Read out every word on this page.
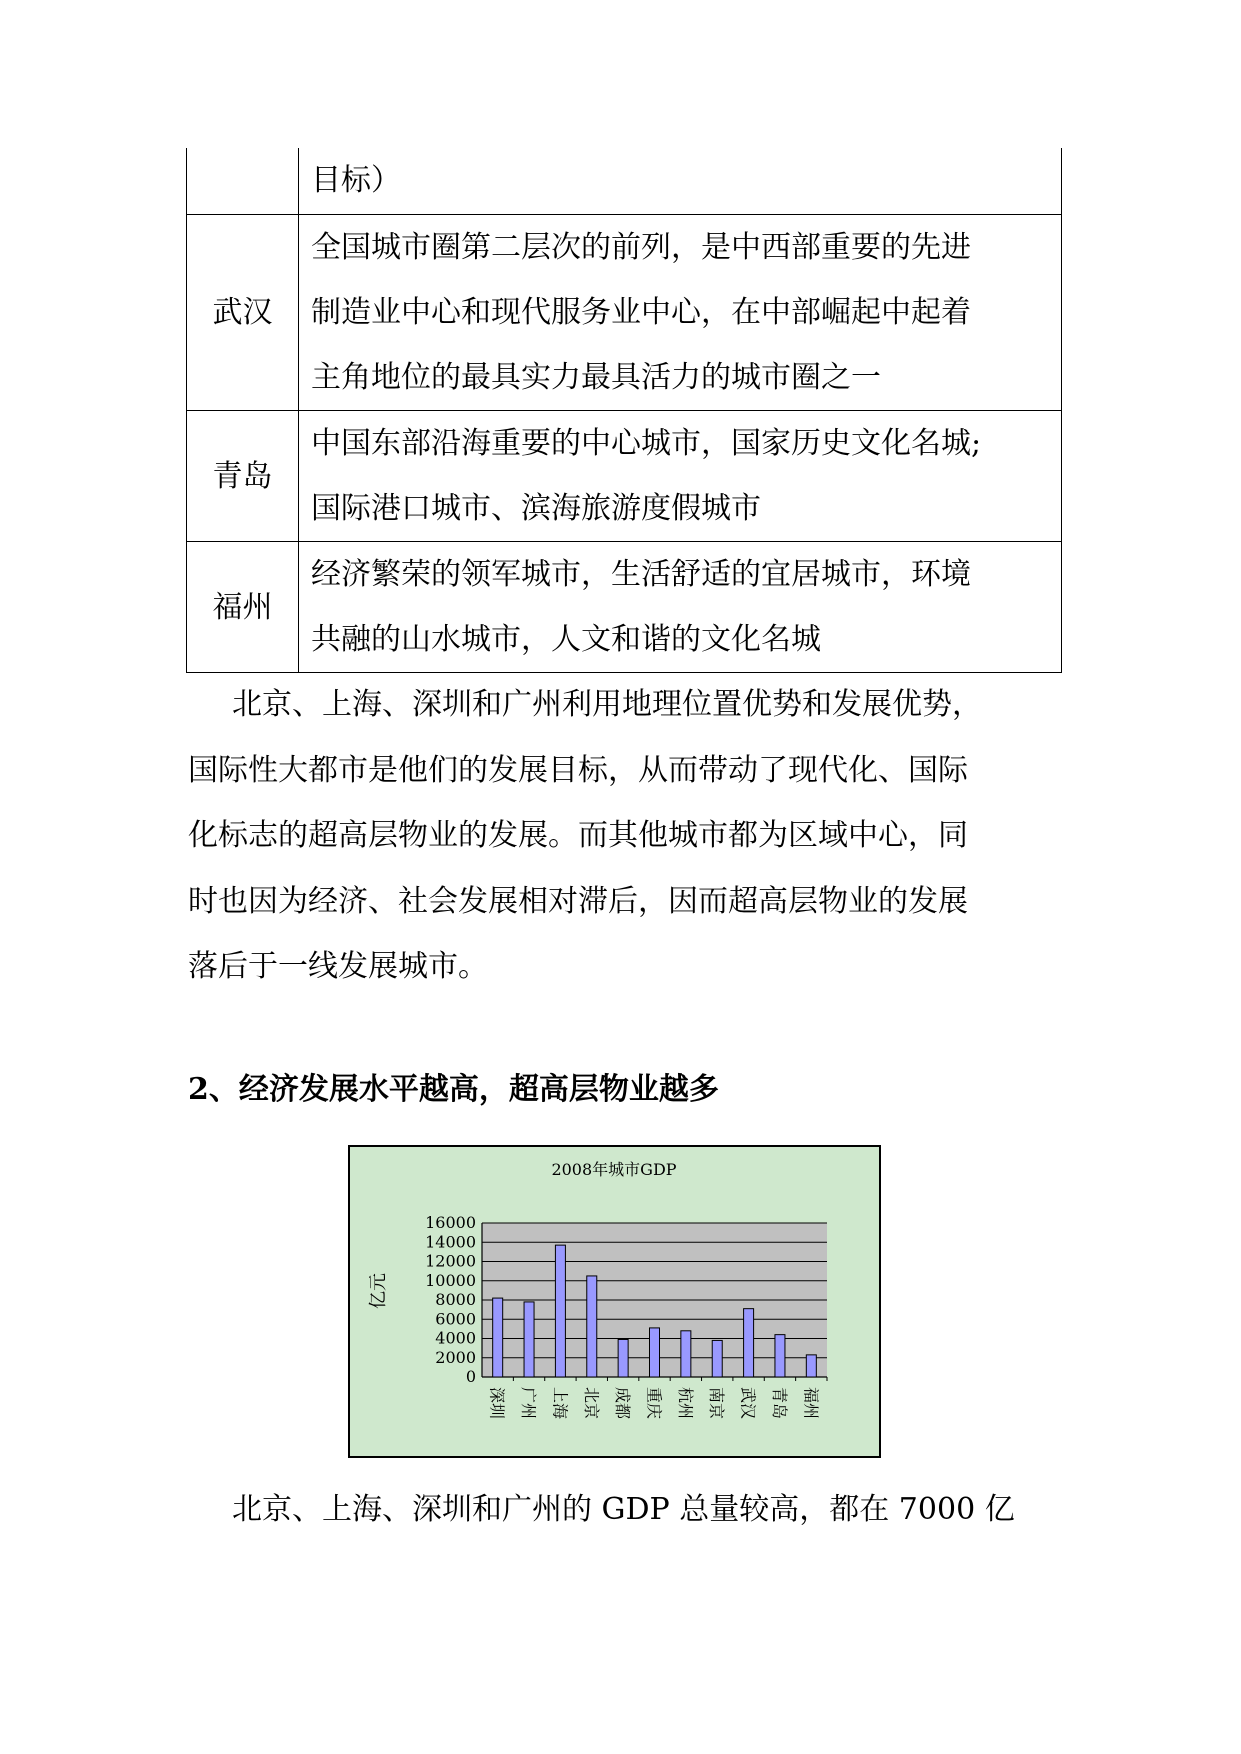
	目标）
武汉	全国城市圈第二层次的前列，是中西部重要的先进
制造业中心和现代服务业中心，在中部崛起中起着
主角地位的最具实力最具活力的城市圈之一
青岛	中国东部沿海重要的中心城市，国家历史文化名城;
国际港口城市、滨海旅游度假城市
福州	经济繁荣的领军城市，生活舒适的宜居城市，环境
共融的山水城市，人文和谐的文化名城
北京、上海、深圳和广州利用地理位置优势和发展优势，
国际性大都市是他们的发展目标，从而带动了现代化、国际
化标志的超高层物业的发展。而其他城市都为区域中心，同
时也因为经济、社会发展相对滞后，因而超高层物业的发展
落后于一线发展城市。
2、经济发展水平越高，超高层物业越多
2008年城市GDP
亿元
0
2000
4000
6000
8000
10000
12000
14000
16000
深圳 广州 上海 北京 成都 重庆 杭州 南京 武汉 青岛 福州
北京、上海、深圳和广州的 GDP 总量较高，都在 7000 亿
